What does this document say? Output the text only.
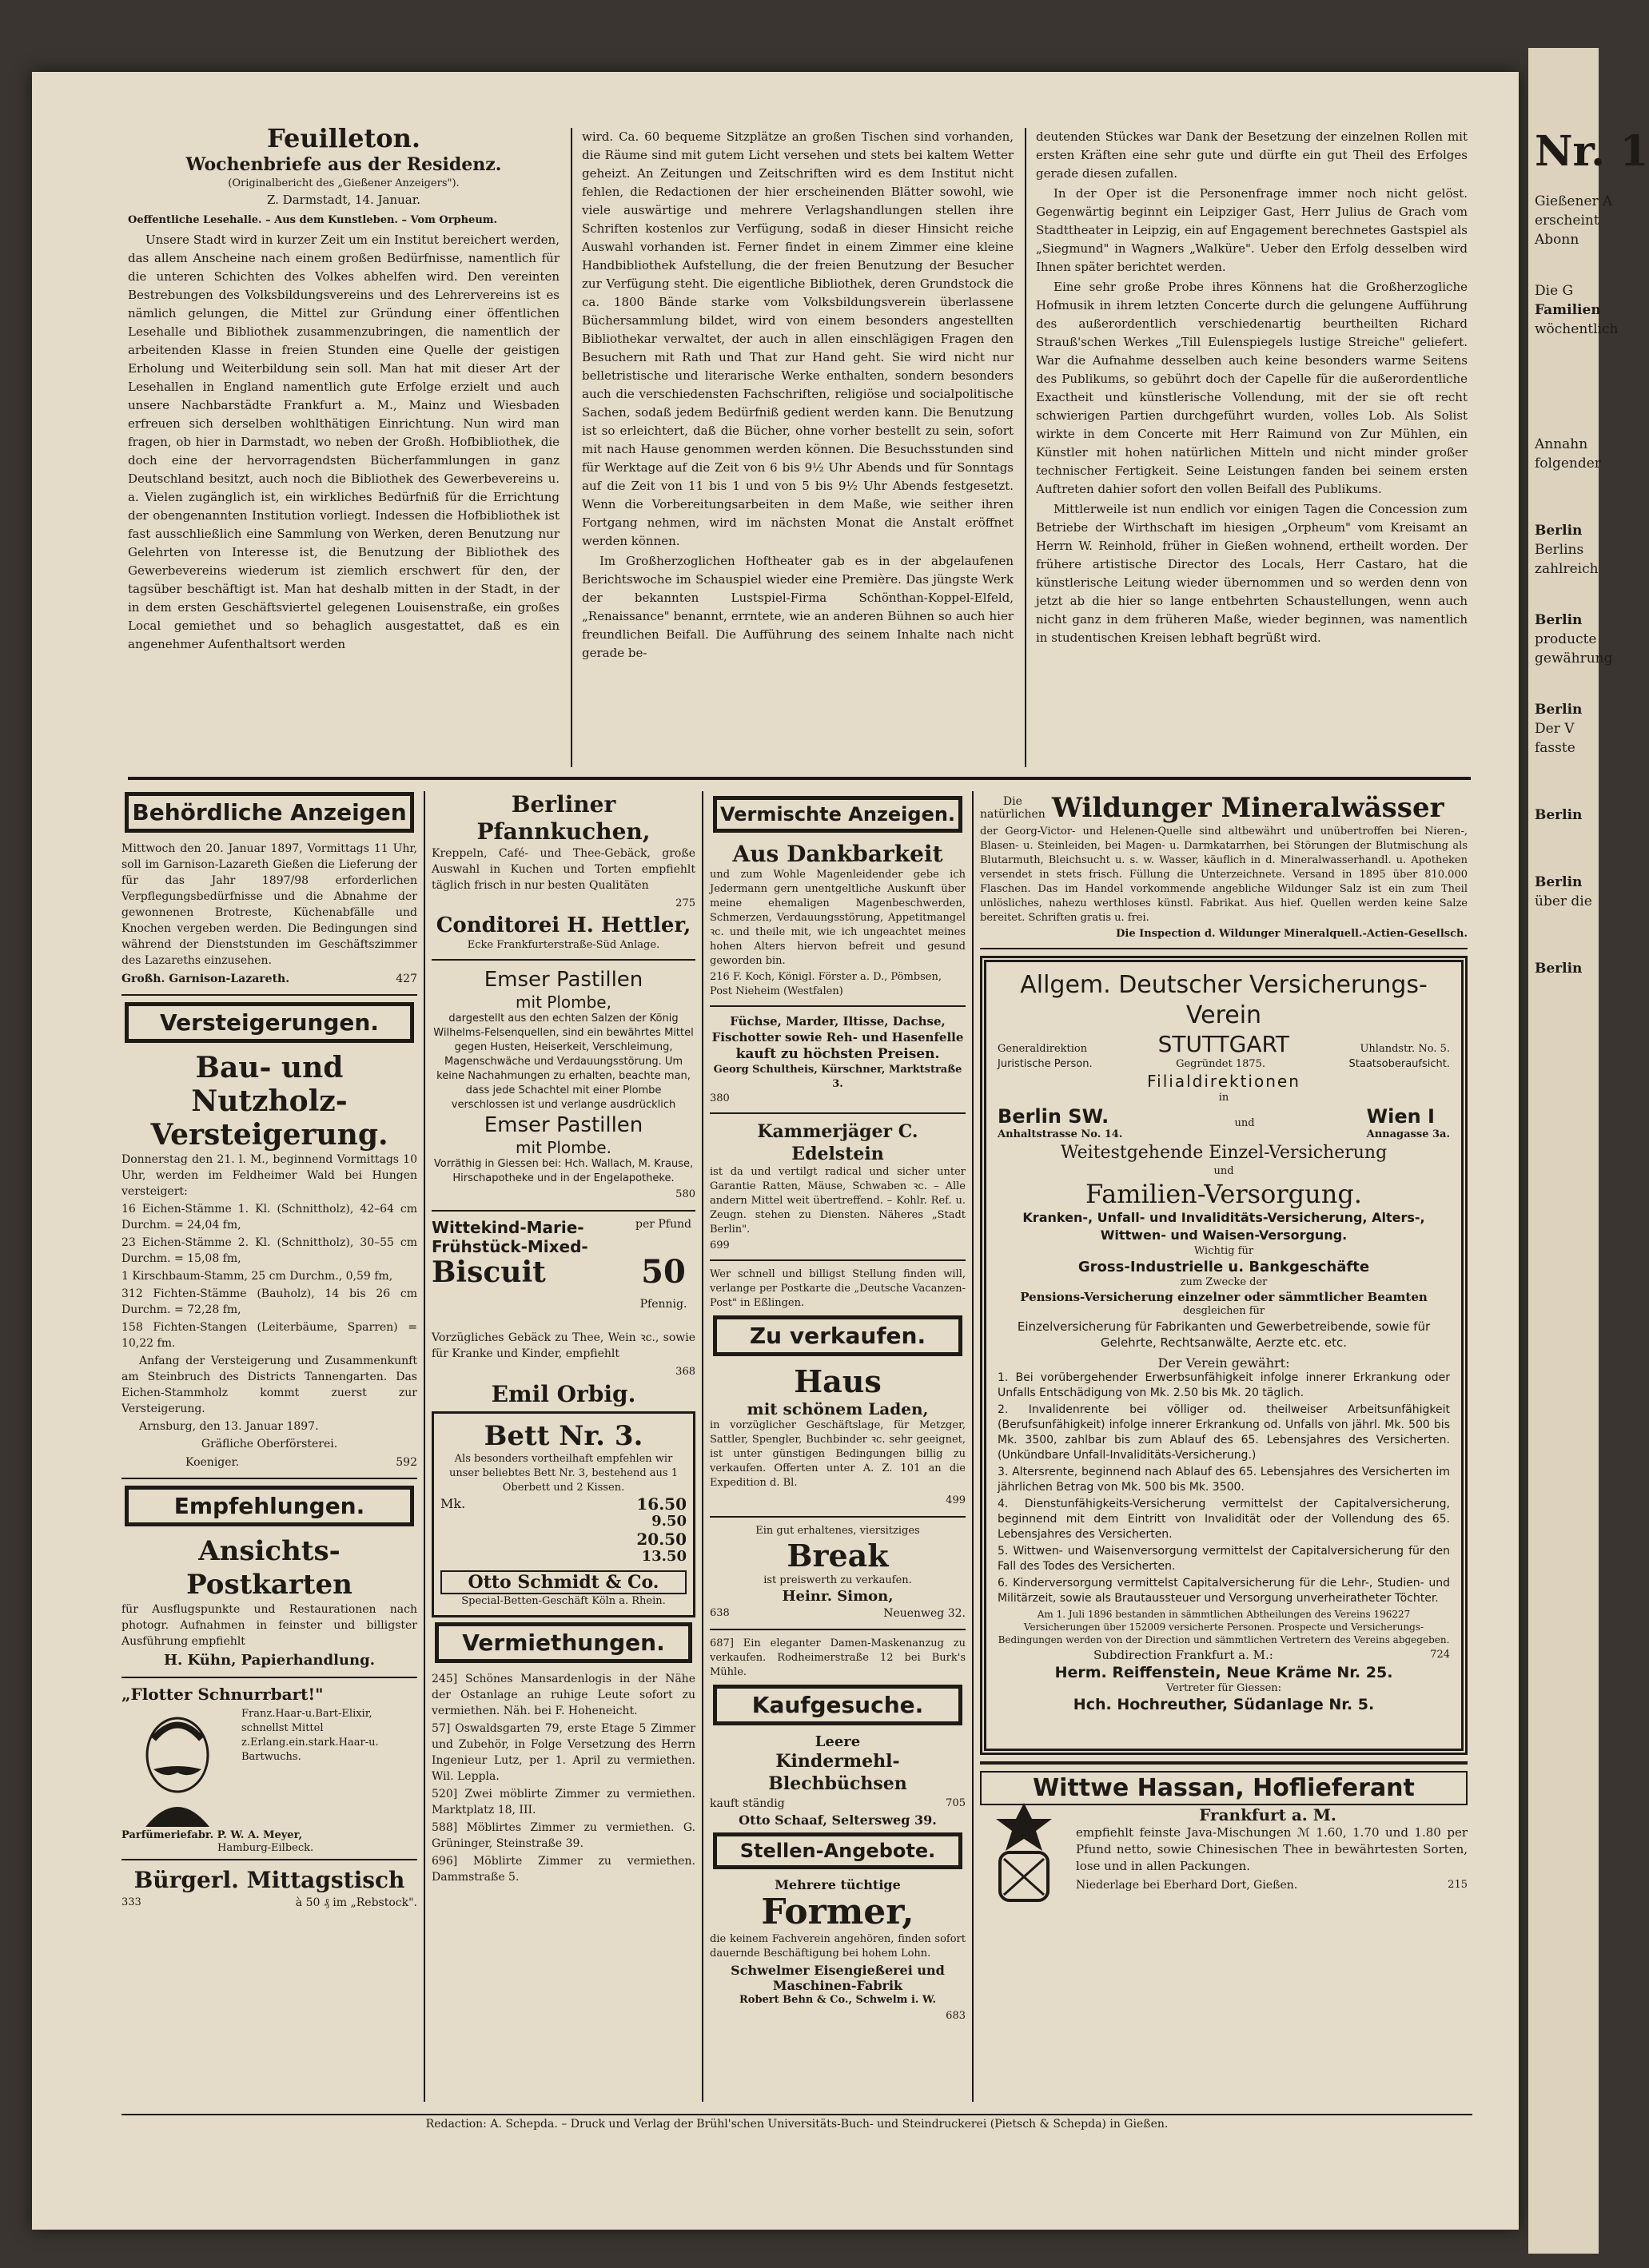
Feuilleton.
Wochenbriefe aus der Residenz.
(Originalbericht des „Gießener Anzeigers").
Z. Darmstadt, 14. Januar.
Oeffentliche Lesehalle. – Aus dem Kunstleben. – Vom Orpheum.
Unsere Stadt wird in kurzer Zeit um ein Institut bereichert werden, das allem Anscheine nach einem großen Bedürfnisse, namentlich für die unteren Schichten des Volkes abhelfen wird. Den vereinten Bestrebungen des Volksbildungsvereins und des Lehrervereins ist es nämlich gelungen, die Mittel zur Gründung einer öffentlichen Lesehalle und Bibliothek zusammenzubringen, die namentlich der arbeitenden Klasse in freien Stunden eine Quelle der geistigen Erholung und Weiterbildung sein soll. Man hat mit dieser Art der Lesehallen in England namentlich gute Erfolge erzielt und auch unsere Nachbarstädte Frankfurt a. M., Mainz und Wiesbaden erfreuen sich derselben wohlthätigen Einrichtung. Nun wird man fragen, ob hier in Darmstadt, wo neben der Großh. Hofbibliothek, die doch eine der hervorragendsten Bücherfammlungen in ganz Deutschland besitzt, auch noch die Bibliothek des Gewerbevereins u. a. Vielen zugänglich ist, ein wirkliches Bedürfniß für die Errichtung der obengenannten Institution vorliegt. Indessen die Hofbibliothek ist fast ausschließlich eine Sammlung von Werken, deren Benutzung nur Gelehrten von Interesse ist, die Benutzung der Bibliothek des Gewerbevereins wiederum ist ziemlich erschwert für den, der tagsüber beschäftigt ist. Man hat deshalb mitten in der Stadt, in der in dem ersten Geschäftsviertel gelegenen Louisenstraße, ein großes Local gemiethet und so behaglich ausgestattet, daß es ein angenehmer Aufenthaltsort werden
wird. Ca. 60 bequeme Sitzplätze an großen Tischen sind vorhanden, die Räume sind mit gutem Licht versehen und stets bei kaltem Wetter geheizt. An Zeitungen und Zeitschriften wird es dem Institut nicht fehlen, die Redactionen der hier erscheinenden Blätter sowohl, wie viele auswärtige und mehrere Verlagshandlungen stellen ihre Schriften kostenlos zur Verfügung, sodaß in dieser Hinsicht reiche Auswahl vorhanden ist. Ferner findet in einem Zimmer eine kleine Handbibliothek Aufstellung, die der freien Benutzung der Besucher zur Verfügung steht. Die eigentliche Bibliothek, deren Grundstock die ca. 1800 Bände starke vom Volksbildungsverein überlassene Büchersammlung bildet, wird von einem besonders angestellten Bibliothekar verwaltet, der auch in allen einschlägigen Fragen den Besuchern mit Rath und That zur Hand geht. Sie wird nicht nur belletristische und literarische Werke enthalten, sondern besonders auch die verschiedensten Fachschriften, religiöse und socialpolitische Sachen, sodaß jedem Bedürfniß gedient werden kann. Die Benutzung ist so erleichtert, daß die Bücher, ohne vorher bestellt zu sein, sofort mit nach Hause genommen werden können. Die Besuchsstunden sind für Werktage auf die Zeit von 6 bis 9½ Uhr Abends und für Sonntags auf die Zeit von 11 bis 1 und von 5 bis 9½ Uhr Abends festgesetzt. Wenn die Vorbereitungsarbeiten in dem Maße, wie seither ihren Fortgang nehmen, wird im nächsten Monat die Anstalt eröffnet werden können.
Im Großherzoglichen Hoftheater gab es in der abgelaufenen Berichtswoche im Schauspiel wieder eine Première. Das jüngste Werk der bekannten Lustspiel-Firma Schönthan-Koppel-Elfeld, „Renaissance" benannt, errntete, wie an anderen Bühnen so auch hier freundlichen Beifall. Die Aufführung des seinem Inhalte nach nicht gerade be-
deutenden Stückes war Dank der Besetzung der einzelnen Rollen mit ersten Kräften eine sehr gute und dürfte ein gut Theil des Erfolges gerade diesen zufallen.
In der Oper ist die Personenfrage immer noch nicht gelöst. Gegenwärtig beginnt ein Leipziger Gast, Herr Julius de Grach vom Stadttheater in Leipzig, ein auf Engagement berechnetes Gastspiel als „Siegmund" in Wagners „Walküre". Ueber den Erfolg desselben wird Ihnen später berichtet werden.
Eine sehr große Probe ihres Könnens hat die Großherzogliche Hofmusik in ihrem letzten Concerte durch die gelungene Aufführung des außerordentlich verschiedenartig beurtheilten Richard Strauß'schen Werkes „Till Eulenspiegels lustige Streiche" geliefert. War die Aufnahme desselben auch keine besonders warme Seitens des Publikums, so gebührt doch der Capelle für die außerordentliche Exactheit und künstlerische Vollendung, mit der sie oft recht schwierigen Partien durchgeführt wurden, volles Lob. Als Solist wirkte in dem Concerte mit Herr Raimund von Zur Mühlen, ein Künstler mit hohen natürlichen Mitteln und nicht minder großer technischer Fertigkeit. Seine Leistungen fanden bei seinem ersten Auftreten dahier sofort den vollen Beifall des Publikums.
Mittlerweile ist nun endlich vor einigen Tagen die Concession zum Betriebe der Wirthschaft im hiesigen „Orpheum" vom Kreisamt an Herrn W. Reinhold, früher in Gießen wohnend, ertheilt worden. Der frühere artistische Director des Locals, Herr Castaro, hat die künstlerische Leitung wieder übernommen und so werden denn von jetzt ab die hier so lange entbehrten Schaustellungen, wenn auch nicht ganz in dem früheren Maße, wieder beginnen, was namentlich in studentischen Kreisen lebhaft begrüßt wird.
Behördliche Anzeigen
Mittwoch den 20. Januar 1897, Vormittags 11 Uhr, soll im Garnison-Lazareth Gießen die Lieferung der für das Jahr 1897/98 erforderlichen Verpflegungsbedürfnisse und die Abnahme der gewonnenen Brotreste, Küchenabfälle und Knochen vergeben werden. Die Bedingungen sind während der Dienststunden im Geschäftszimmer des Lazareths einzusehen.
Großh. Garnison-Lazareth.	427
Versteigerungen.
Bau- und Nutzholz-Versteigerung.
Donnerstag den 21. l. M., beginnend Vormittags 10 Uhr, werden im Feldheimer Wald bei Hungen versteigert:
16 Eichen-Stämme 1. Kl. (Schnittholz), 42–64 cm Durchm. = 24,04 fm,
23 Eichen-Stämme 2. Kl. (Schnittholz), 30–55 cm Durchm. = 15,08 fm,
1 Kirschbaum-Stamm, 25 cm Durchm., 0,59 fm,
312 Fichten-Stämme (Bauholz), 14 bis 26 cm Durchm. = 72,28 fm,
158 Fichten-Stangen (Leiterbäume, Sparren) = 10,22 fm.
Anfang der Versteigerung und Zusammenkunft am Steinbruch des Districts Tannengarten. Das Eichen-Stammholz kommt zuerst zur Versteigerung.
Arnsburg, den 13. Januar 1897.
Gräfliche Oberförsterei.
Koeniger.	592
Empfehlungen.
Ansichts-Postkarten
für Ausflugspunkte und Restaurationen nach photogr. Aufnahmen in feinster und billigster Ausführung empfiehlt
H. Kühn, Papierhandlung.
„Flotter Schnurrbart!"
Franz.Haar-u.Bart-Elixir, schnellst Mittel z.Erlang.ein.stark.Haar-u. Bartwuchs.
Parfümeriefabr. P. W. A. Meyer,
Hamburg-Eilbeck.
Bürgerl. Mittagstisch
333	à 50 ₰ im „Rebstock".
Berliner Pfannkuchen,
Kreppeln, Café- und Thee-Gebäck, große Auswahl in Kuchen und Torten empfiehlt täglich frisch in nur besten Qualitäten
275
Conditorei H. Hettler,
Ecke Frankfurterstraße-Süd Anlage.
Emser Pastillen
mit Plombe,
dargestellt aus den echten Salzen der König Wilhelms-Felsenquellen, sind ein bewährtes Mittel gegen Husten, Heiserkeit, Verschleimung, Magenschwäche und Verdauungsstörung. Um keine Nachahmungen zu erhalten, beachte man, dass jede Schachtel mit einer Plombe verschlossen ist und verlange ausdrücklich
Emser Pastillen
mit Plombe.
Vorräthig in Giessen bei: Hch. Wallach, M. Krause, Hirschapotheke und in der Engelapotheke.
580
Wittekind-Marie-Frühstück-Mixed-
Biscuit
per Pfund
50
Pfennig.
Vorzügliches Gebäck zu Thee, Wein ꝛc., sowie für Kranke und Kinder, empfiehlt
368
Emil Orbig.
Bett Nr. 3.
Als besonders vortheilhaft empfehlen wir unser beliebtes Bett Nr. 3, bestehend aus 1 Oberbett und 2 Kissen.
Mk.	16.50
9.50
20.50
13.50
Otto Schmidt & Co.
Special-Betten-Geschäft Köln a. Rhein.
Vermiethungen.
245] Schönes Mansardenlogis in der Nähe der Ostanlage an ruhige Leute sofort zu vermiethen. Näh. bei F. Hoheneicht.
57] Oswaldsgarten 79, erste Etage 5 Zimmer und Zubehör, in Folge Versetzung des Herrn Ingenieur Lutz, per 1. April zu vermiethen. Wil. Leppla.
520] Zwei möblirte Zimmer zu vermiethen. Marktplatz 18, III.
588] Möblirtes Zimmer zu vermiethen. G. Grüninger, Steinstraße 39.
696] Möblirte Zimmer zu vermiethen. Dammstraße 5.
Vermischte Anzeigen.
Aus Dankbarkeit
und zum Wohle Magenleidender gebe ich Jedermann gern unentgeltliche Auskunft über meine ehemaligen Magenbeschwerden, Schmerzen, Verdauungsstörung, Appetitmangel ꝛc. und theile mit, wie ich ungeachtet meines hohen Alters hiervon befreit und gesund geworden bin.
216 F. Koch, Königl. Förster a. D., Pömbsen, Post Nieheim (Westfalen)
Füchse, Marder, Iltisse, Dachse, Fischotter sowie Reh- und Hasenfelle
kauft zu höchsten Preisen.
Georg Schultheis, Kürschner, Marktstraße 3.
380
Kammerjäger C. Edelstein
ist da und vertilgt radical und sicher unter Garantie Ratten, Mäuse, Schwaben ꝛc. – Alle andern Mittel weit übertreffend. – Kohlr. Ref. u. Zeugn. stehen zu Diensten. Näheres „Stadt Berlin".
699
Wer schnell und billigst Stellung finden will, verlange per Postkarte die „Deutsche Vacanzen-Post" in Eßlingen.
Zu verkaufen.
Haus
mit schönem Laden,
in vorzüglicher Geschäftslage, für Metzger, Sattler, Spengler, Buchbinder ꝛc. sehr geeignet, ist unter günstigen Bedingungen billig zu verkaufen. Offerten unter A. Z. 101 an die Expedition d. Bl.
499
Ein gut erhaltenes, viersitziges
Break
ist preiswerth zu verkaufen.
Heinr. Simon,
638	Neuenweg 32.
687] Ein eleganter Damen-Maskenanzug zu verkaufen. Rodheimerstraße 12 bei Burk's Mühle.
Kaufgesuche.
Leere
Kindermehl-Blechbüchsen
kauft ständig	705
Otto Schaaf, Seltersweg 39.
Stellen-Angebote.
Mehrere tüchtige
Former,
die keinem Fachverein angehören, finden sofort dauernde Beschäftigung bei hohem Lohn.
Schwelmer Eisengießerei und Maschinen-Fabrik
Robert Behn & Co., Schwelm i. W.
683
Die
natürlichen Wildunger Mineralwässer
der Georg-Victor- und Helenen-Quelle sind altbewährt und unübertroffen bei Nieren-, Blasen- u. Steinleiden, bei Magen- u. Darmkatarrhen, bei Störungen der Blutmischung als Blutarmuth, Bleichsucht u. s. w. Wasser, käuflich in d. Mineralwasserhandl. u. Apotheken versendet in stets frisch. Füllung die Unterzeichnete. Versand in 1895 über 810.000 Flaschen. Das im Handel vorkommende angebliche Wildunger Salz ist ein zum Theil unlösliches, nahezu werthloses künstl. Fabrikat. Aus hief. Quellen werden keine Salze bereitet. Schriften gratis u. frei.
Die Inspection d. Wildunger Mineralquell.-Actien-Gesellsch.
Allgem. Deutscher Versicherungs-Verein
Generaldirektion	STUTTGART	Uhlandstr. No. 5.
Juristische Person.	Gegründet 1875.	Staatsoberaufsicht.
Filialdirektionen
in
Berlin SW.
Anhaltstrasse No. 14.
und	Wien I
Annagasse 3a.
Weitestgehende Einzel-Versicherung
und
Familien-Versorgung.
Kranken-, Unfall- und Invaliditäts-Versicherung, Alters-, Wittwen- und Waisen-Versorgung.
Wichtig für
Gross-Industrielle u. Bankgeschäfte
zum Zwecke der
Pensions-Versicherung einzelner oder sämmtlicher Beamten
desgleichen für
Einzelversicherung für Fabrikanten und Gewerbetreibende, sowie für Gelehrte, Rechtsanwälte, Aerzte etc. etc.
Der Verein gewährt:
1. Bei vorübergehender Erwerbsunfähigkeit infolge innerer Erkrankung oder Unfalls Entschädigung von Mk. 2.50 bis Mk. 20 täglich.
2. Invalidenrente bei völliger od. theilweiser Arbeitsunfähigkeit (Berufsunfähigkeit) infolge innerer Erkrankung od. Unfalls von jährl. Mk. 500 bis Mk. 3500, zahlbar bis zum Ablauf des 65. Lebensjahres des Versicherten. (Unkündbare Unfall-Invaliditäts-Versicherung.)
3. Altersrente, beginnend nach Ablauf des 65. Lebensjahres des Versicherten im jährlichen Betrag von Mk. 500 bis Mk. 3500.
4. Dienstunfähigkeits-Versicherung vermittelst der Capitalversicherung, beginnend mit dem Eintritt von Invalidität oder der Vollendung des 65. Lebensjahres des Versicherten.
5. Wittwen- und Waisenversorgung vermittelst der Capitalversicherung für den Fall des Todes des Versicherten.
6. Kinderversorgung vermittelst Capitalversicherung für die Lehr-, Studien- und Militärzeit, sowie als Brautaussteuer und Versorgung unverheiratheter Töchter.
Am 1. Juli 1896 bestanden in sämmtlichen Abtheilungen des Vereins 196227 Versicherungen über 152009 versicherte Personen. Prospecte und Versicherungs-Bedingungen werden von der Direction und sämmtlichen Vertretern des Vereins abgegeben.
Subdirection Frankfurt a. M.:	724
Herm. Reiffenstein, Neue Kräme Nr. 25.
Vertreter für Giessen:
Hch. Hochreuther, Südanlage Nr. 5.
Wittwe Hassan, Hoflieferant
Frankfurt a. M.
empfiehlt feinste Java-Mischungen ℳ 1.60, 1.70 und 1.80 per Pfund netto, sowie Chinesischen Thee in bewährtesten Sorten, lose und in allen Packungen.
Niederlage bei Eberhard Dort, Gießen.	215
Redaction: A. Schepda. – Druck und Verlag der Brühl'schen Universitäts-Buch- und Steindruckerei (Pietsch & Schepda) in Gießen.
Nr. 1
Gießener A
erscheint
Abonn
Die G
Familien
wöchentlich
Annahn
folgender
Berlin
Berlins
zahlreich
Berlin
producte
gewährung
Berlin
Der V
fasste
Berlin
Berlin
über die
Berlin
